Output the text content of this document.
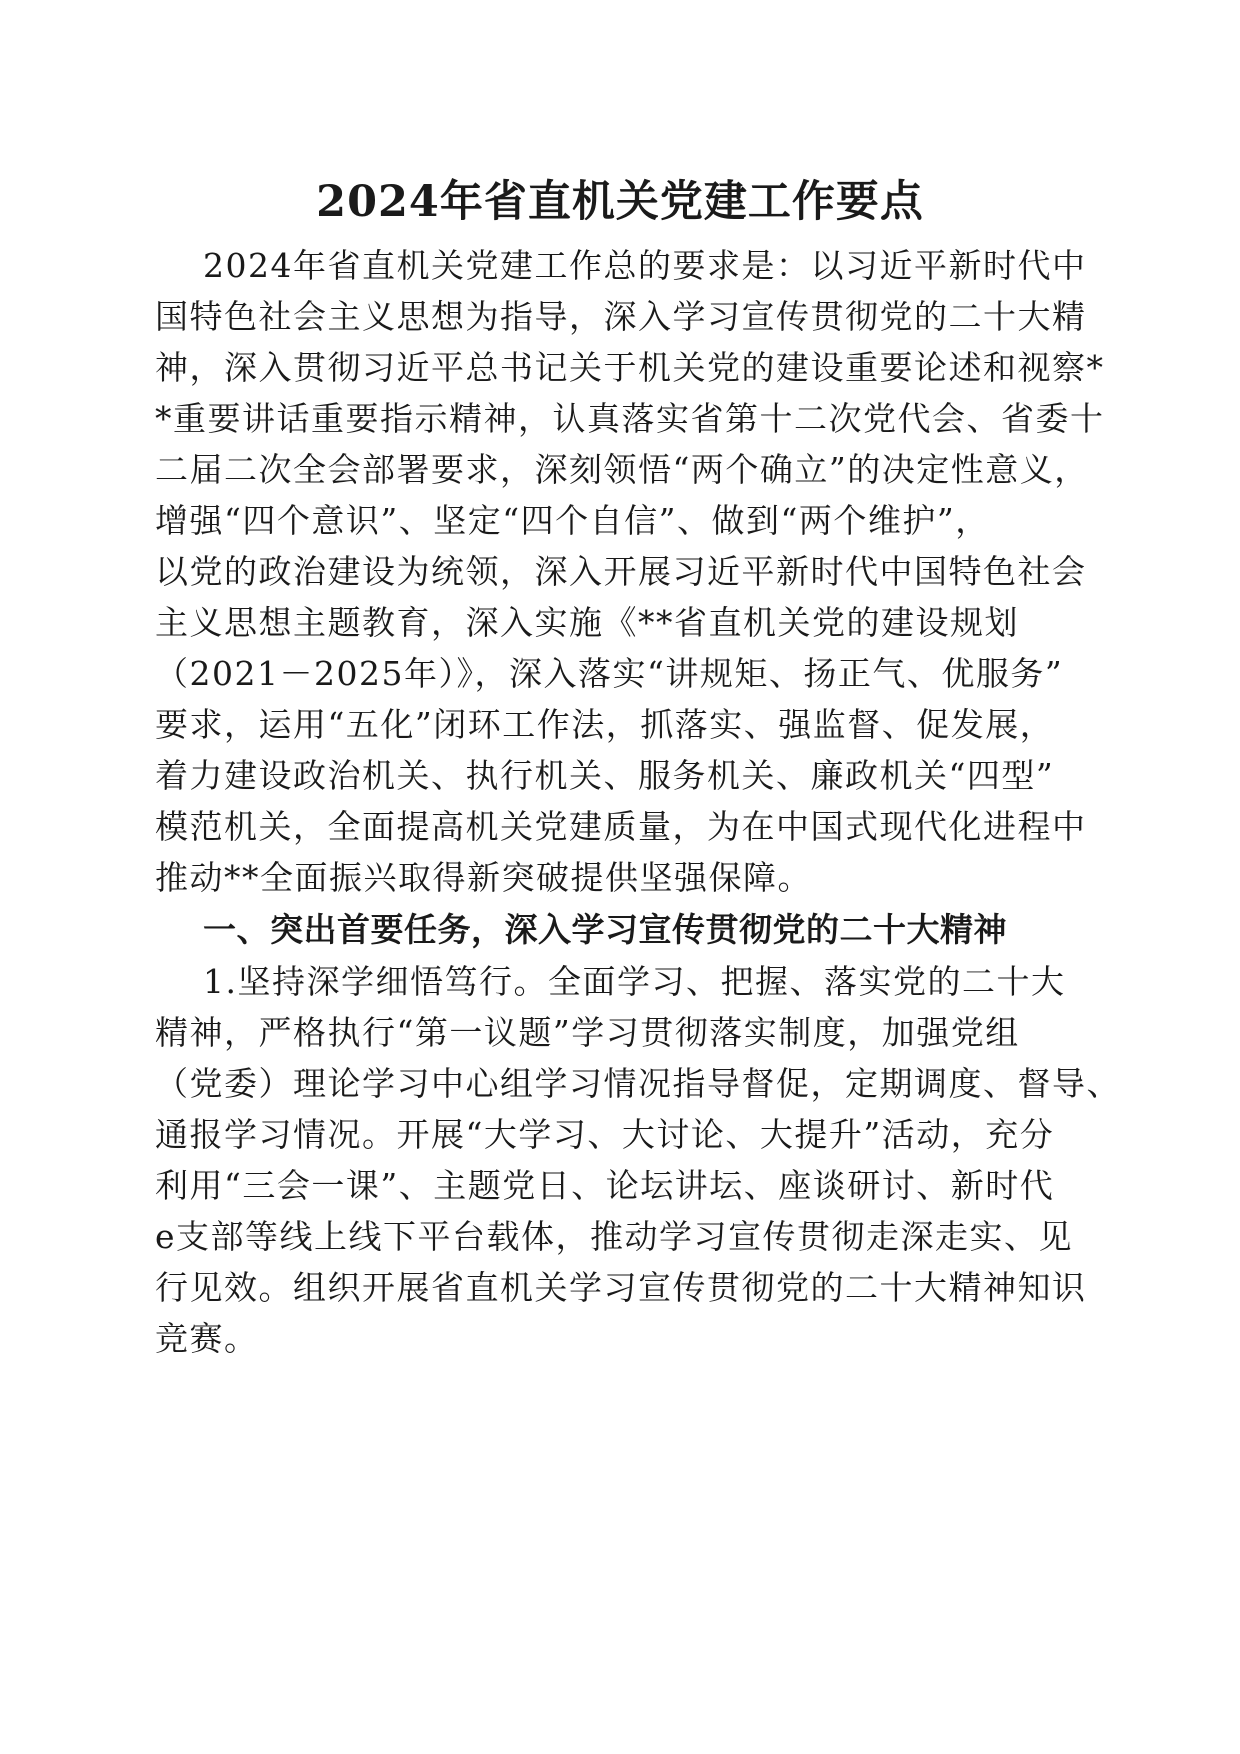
2024年省直机关党建工作要点
2024年省直机关党建工作总的要求是：以习近平新时代中
国特色社会主义思想为指导，深入学习宣传贯彻党的二十大精
神，深入贯彻习近平总书记关于机关党的建设重要论述和视察*
*重要讲话重要指示精神，认真落实省第十二次党代会、省委十
二届二次全会部署要求，深刻领悟“两个确立”的决定性意义，
增强“四个意识”、坚定“四个自信”、做到“两个维护”，
以党的政治建设为统领，深入开展习近平新时代中国特色社会
主义思想主题教育，深入实施《**省直机关党的建设规划
（2021－2025年）》，深入落实“讲规矩、扬正气、优服务”
要求，运用“五化”闭环工作法，抓落实、强监督、促发展，
着力建设政治机关、执行机关、服务机关、廉政机关“四型”
模范机关，全面提高机关党建质量，为在中国式现代化进程中
推动**全面振兴取得新突破提供坚强保障。
一、突出首要任务，深入学习宣传贯彻党的二十大精神
1.坚持深学细悟笃行。全面学习、把握、落实党的二十大
精神，严格执行“第一议题”学习贯彻落实制度，加强党组
（党委）理论学习中心组学习情况指导督促，定期调度、督导、
通报学习情况。开展“大学习、大讨论、大提升”活动，充分
利用“三会一课”、主题党日、论坛讲坛、座谈研讨、新时代
e支部等线上线下平台载体，推动学习宣传贯彻走深走实、见
行见效。组织开展省直机关学习宣传贯彻党的二十大精神知识
竞赛。
